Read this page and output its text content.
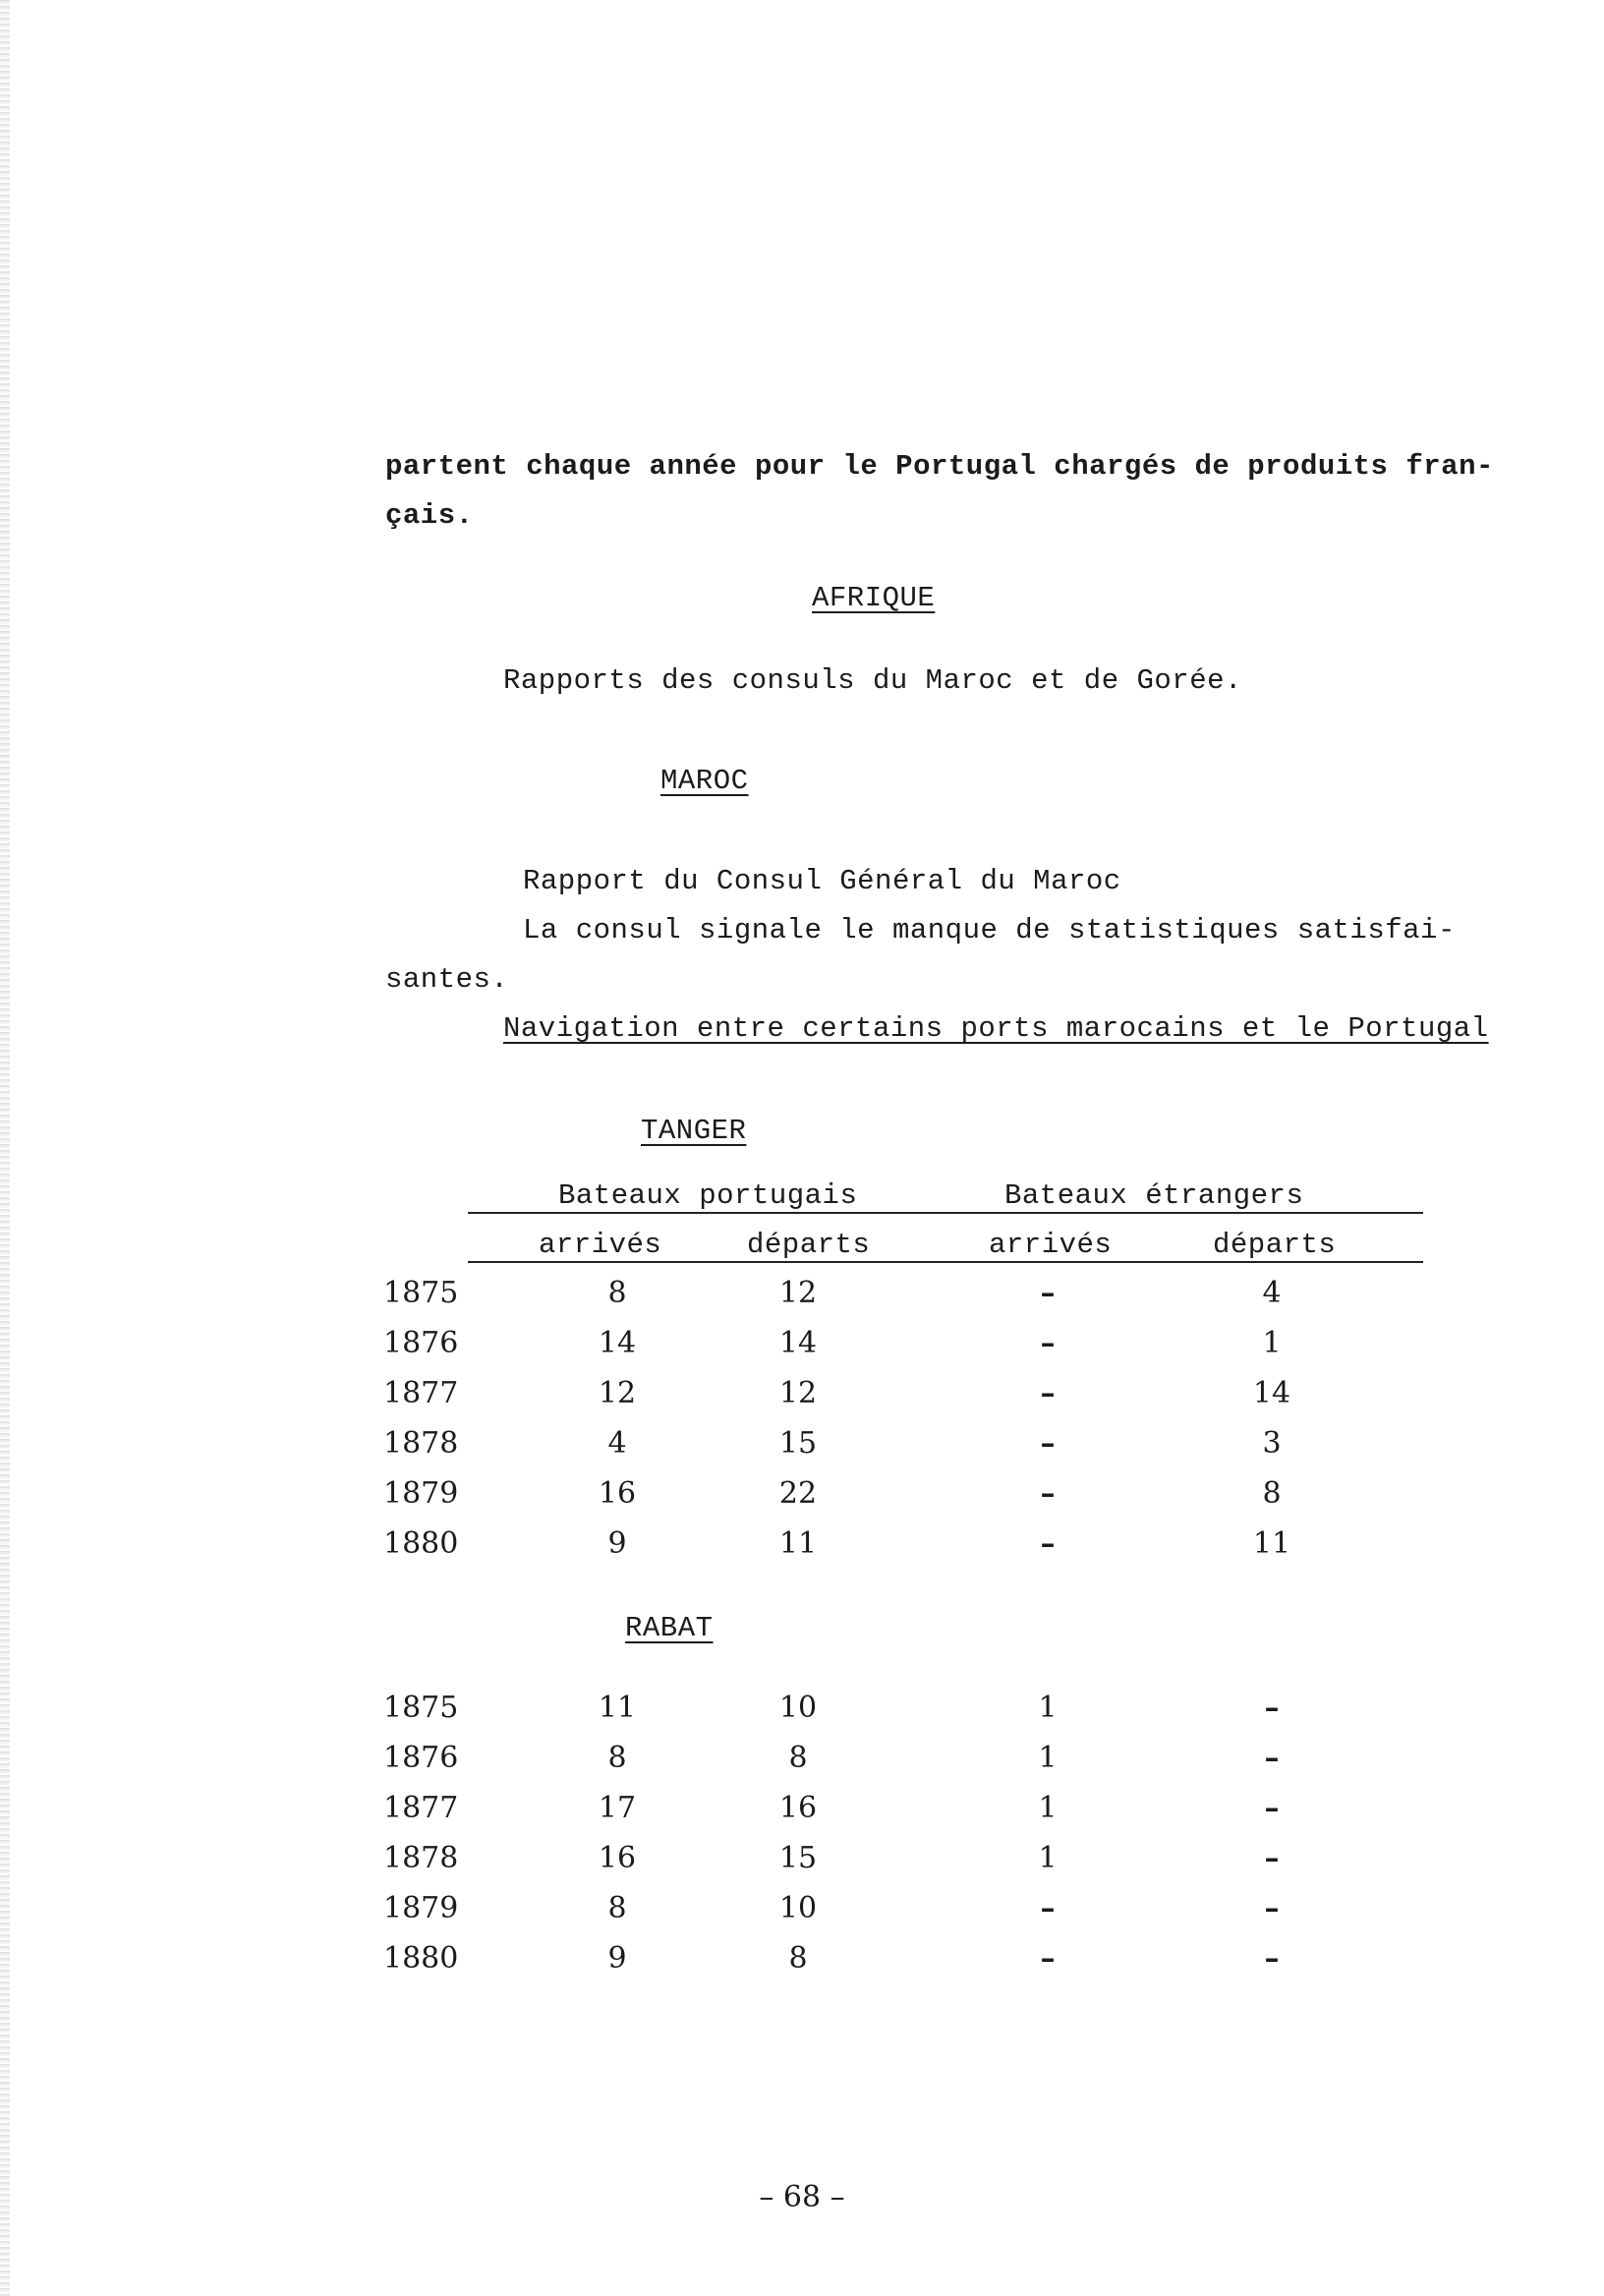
partent chaque année pour le Portugal chargés de produits fran-
çais.
AFRIQUE
Rapports des consuls du Maroc et de Gorée.
MAROC
Rapport du Consul Général du Maroc
La consul signale le manque de statistiques satisfai-
santes.
Navigation entre certains ports marocains et le Portugal
TANGER
Bateaux portugais	Bateaux étrangers
arrivés	départs	arrivés	départs
1875	8	12	–	4
1876	14	14	–	1
1877	12	12	–	14
1878	4	15	–	3
1879	16	22	–	8
1880	9	11	–	11
RABAT
1875	11	10	1	–
1876	8	8	1	–
1877	17	16	1	–
1878	16	15	1	–
1879	8	10	–	–
1880	9	8	–	–
– 68 –
